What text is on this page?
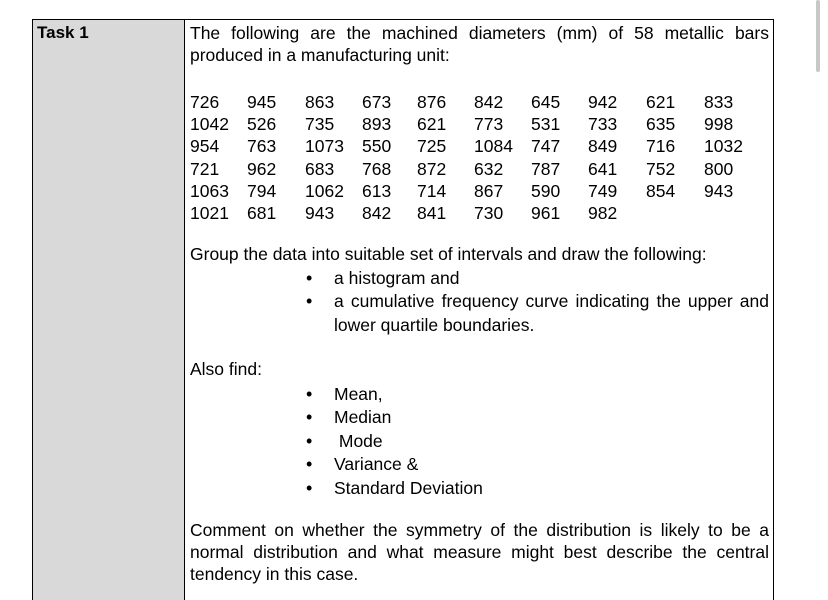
Task 1	The following are the machined diameters (mm) of 58 metallic bars produced in a manufacturing unit:
726	945	863	673	876	842	645	942	621	833
1042	526	735	893	621	773	531	733	635	998
954	763	1073	550	725	1084	747	849	716	1032
721	962	683	768	872	632	787	641	752	800
1063	794	1062	613	714	867	590	749	854	943
1021	681	943	842	841	730	961	982		
Group the data into suitable set of intervals and draw the following:
• a histogram and
• a cumulative frequency curve indicating the upper and lower quartile boundaries.
Also find:
• Mean,
• Median
•  Mode
• Variance &
• Standard Deviation
Comment on whether the symmetry of the distribution is likely to be a normal distribution and what measure might best describe the central tendency in this case.
